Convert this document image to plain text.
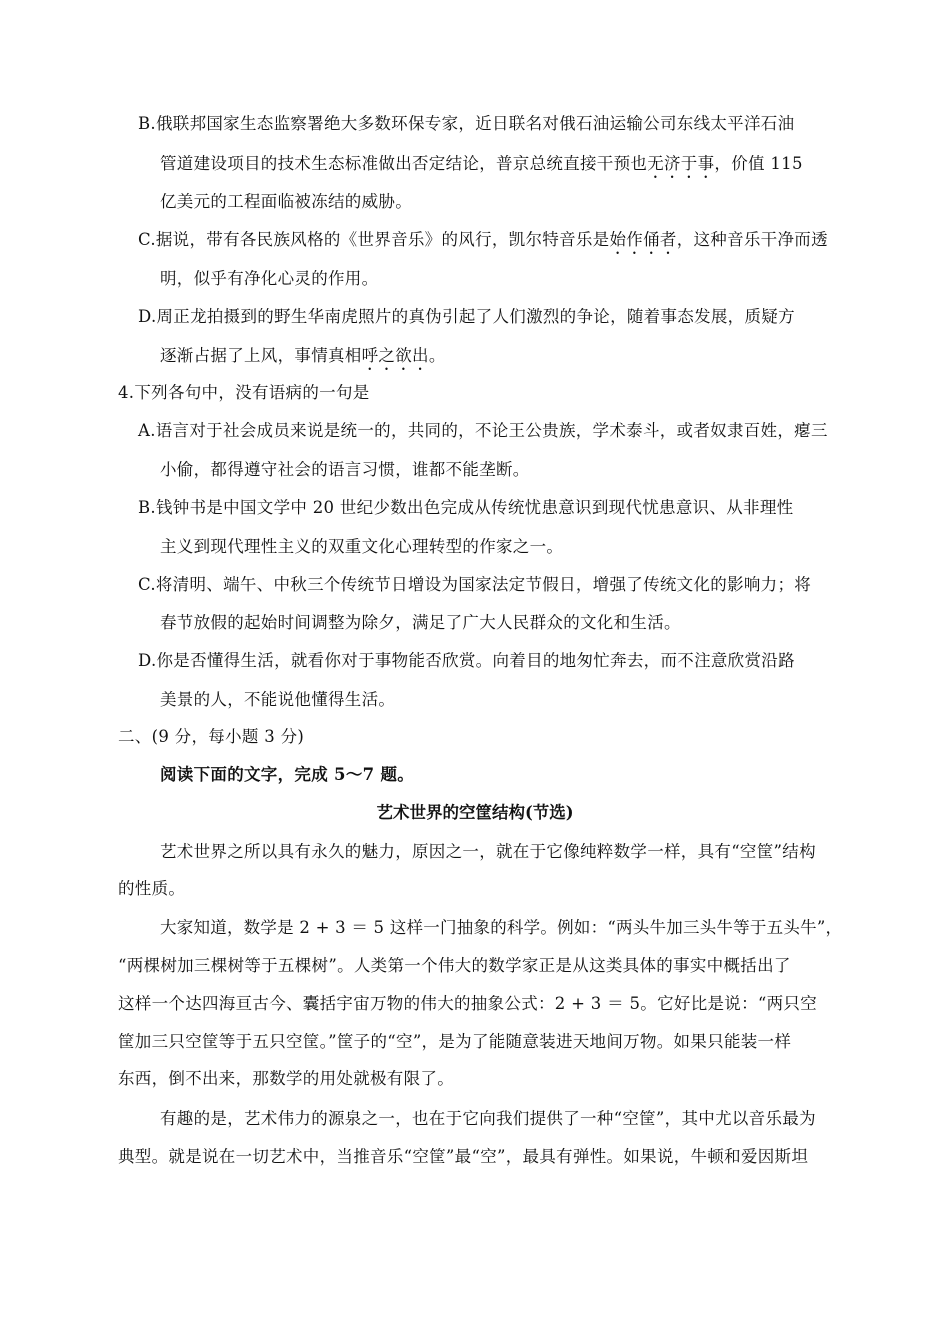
B.俄联邦国家生态监察署绝大多数环保专家，近日联名对俄石油运输公司东线太平洋石油
管道建设项目的技术生态标准做出否定结论，普京总统直接干预也无济于事，价值 115
亿美元的工程面临被冻结的威胁。
C.据说，带有各民族风格的《世界音乐》的风行，凯尔特音乐是始作俑者，这种音乐干净而透
明，似乎有净化心灵的作用。
D.周正龙拍摄到的野生华南虎照片的真伪引起了人们激烈的争论，随着事态发展，质疑方
逐渐占据了上风，事情真相呼之欲出。
4.下列各句中，没有语病的一句是
A.语言对于社会成员来说是统一的，共同的，不论王公贵族，学术泰斗，或者奴隶百姓，瘪三
小偷，都得遵守社会的语言习惯，谁都不能垄断。
B.钱钟书是中国文学中 20 世纪少数出色完成从传统忧患意识到现代忧患意识、从非理性
主义到现代理性主义的双重文化心理转型的作家之一。
C.将清明、端午、中秋三个传统节日增设为国家法定节假日，增强了传统文化的影响力；将
春节放假的起始时间调整为除夕，满足了广大人民群众的文化和生活。
D.你是否懂得生活，就看你对于事物能否欣赏。向着目的地匆忙奔去，而不注意欣赏沿路
美景的人，不能说他懂得生活。
二、(9 分，每小题 3 分)
阅读下面的文字，完成 5～7 题。
艺术世界的空筐结构(节选)
艺术世界之所以具有永久的魅力，原因之一，就在于它像纯粹数学一样，具有“空筐”结构
的性质。
大家知道，数学是 2 + 3 ＝ 5 这样一门抽象的科学。例如：“两头牛加三头牛等于五头牛”，
“两棵树加三棵树等于五棵树”。人类第一个伟大的数学家正是从这类具体的事实中概括出了
这样一个达四海亘古今、囊括宇宙万物的伟大的抽象公式：2 + 3 ＝ 5。它好比是说：“两只空
筐加三只空筐等于五只空筐。”筐子的“空”，是为了能随意装进天地间万物。如果只能装一样
东西，倒不出来，那数学的用处就极有限了。
有趣的是，艺术伟力的源泉之一，也在于它向我们提供了一种“空筐”，其中尤以音乐最为
典型。就是说在一切艺术中，当推音乐“空筐”最“空”，最具有弹性。如果说，牛顿和爱因斯坦
